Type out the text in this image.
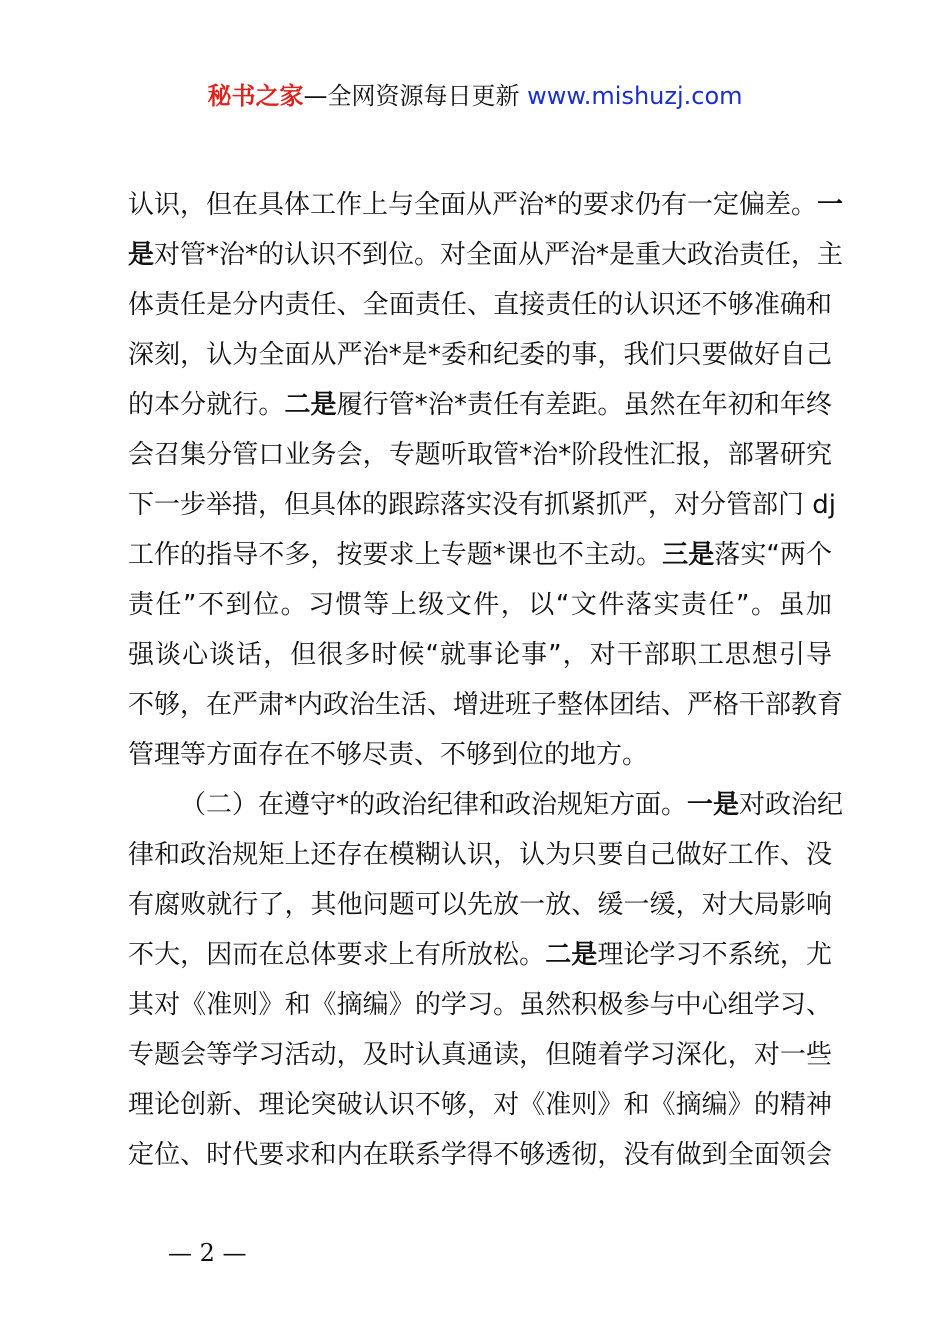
秘书之家—全网资源每日更新 www.mishuzj.com
认识，但在具体工作上与全面从严治*的要求仍有一定偏差。一
是对管*治*的认识不到位。对全面从严治*是重大政治责任，主
体责任是分内责任、全面责任、直接责任的认识还不够准确和
深刻，认为全面从严治*是*委和纪委的事，我们只要做好自己
的本分就行。二是履行管*治*责任有差距。虽然在年初和年终
会召集分管口业务会，专题听取管*治*阶段性汇报，部署研究
下一步举措，但具体的跟踪落实没有抓紧抓严，对分管部门 dj
工作的指导不多，按要求上专题*课也不主动。三是落实“两个
责任”不到位。习惯等上级文件，以“文件落实责任”。虽加
强谈心谈话，但很多时候“就事论事”，对干部职工思想引导
不够，在严肃*内政治生活、增进班子整体团结、严格干部教育
管理等方面存在不够尽责、不够到位的地方。
（二）在遵守*的政治纪律和政治规矩方面。一是对政治纪
律和政治规矩上还存在模糊认识，认为只要自己做好工作、没
有腐败就行了，其他问题可以先放一放、缓一缓，对大局影响
不大，因而在总体要求上有所放松。二是理论学习不系统，尤
其对《准则》和《摘编》的学习。虽然积极参与中心组学习、
专题会等学习活动，及时认真通读，但随着学习深化，对一些
理论创新、理论突破认识不够，对《准则》和《摘编》的精神
定位、时代要求和内在联系学得不够透彻，没有做到全面领会
— 2 —
